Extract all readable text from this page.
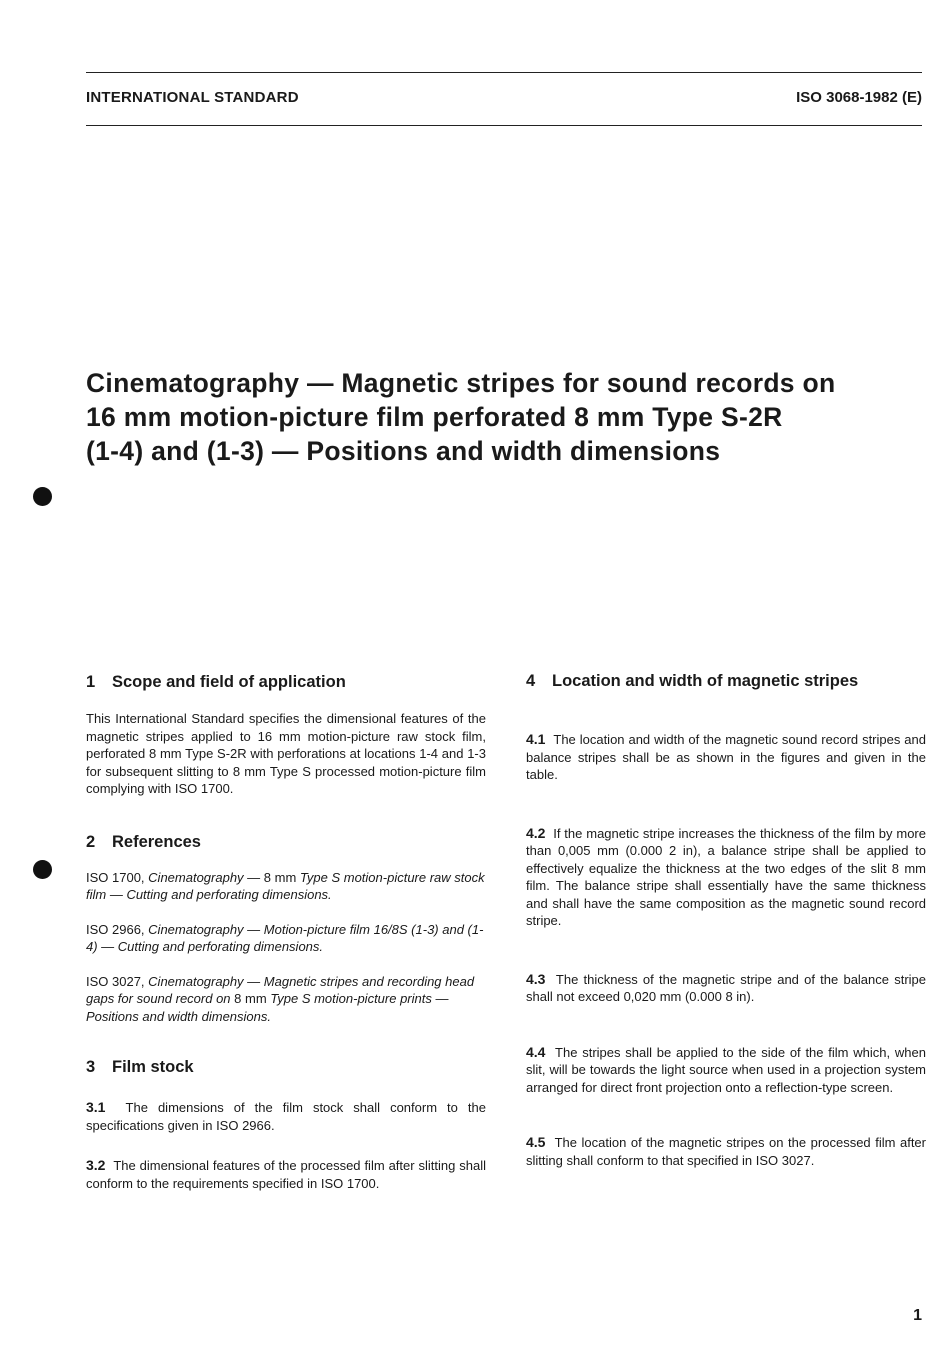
INTERNATIONAL STANDARD	ISO 3068-1982 (E)
Cinematography — Magnetic stripes for sound records on
16 mm motion-picture film perforated 8 mm Type S-2R
(1-4) and (1-3) — Positions and width dimensions
1 Scope and field of application

This International Standard specifies the dimensional features of the magnetic stripes applied to 16 mm motion-picture raw stock film, perforated 8 mm Type S-2R with perforations at locations 1-4 and 1-3 for subsequent slitting to 8 mm Type S processed motion-picture film complying with ISO 1700.

2 References

ISO 1700, Cinematography — 8 mm Type S motion-picture raw stock film — Cutting and perforating dimensions.

ISO 2966, Cinematography — Motion-picture film 16/8S (1-3) and (1-4) — Cutting and perforating dimensions.

ISO 3027, Cinematography — Magnetic stripes and recording head gaps for sound record on 8 mm Type S motion-picture prints — Positions and width dimensions.

3 Film stock

3.1 The dimensions of the film stock shall conform to the specifications given in ISO 2966.

3.2 The dimensional features of the processed film after slitting shall conform to the requirements specified in ISO 1700.

4 Location and width of magnetic stripes

4.1 The location and width of the magnetic sound record stripes and balance stripes shall be as shown in the figures and given in the table.

4.2 If the magnetic stripe increases the thickness of the film by more than 0,005 mm (0.000 2 in), a balance stripe shall be applied to effectively equalize the thickness at the two edges of the slit 8 mm film. The balance stripe shall essentially have the same thickness and shall have the same composition as the magnetic sound record stripe.

4.3 The thickness of the magnetic stripe and of the balance stripe shall not exceed 0,020 mm (0.000 8 in).

4.4 The stripes shall be applied to the side of the film which, when slit, will be towards the light source when used in a projection system arranged for direct front projection onto a reflection-type screen.

4.5 The location of the magnetic stripes on the processed film after slitting shall conform to that specified in ISO 3027.

1
